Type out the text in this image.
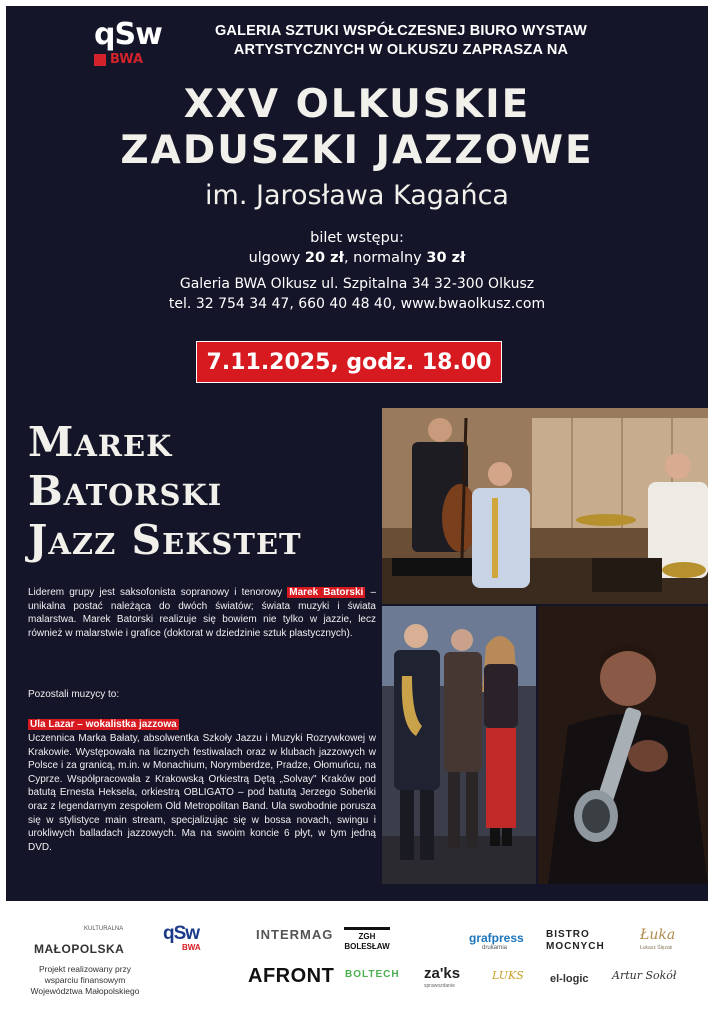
qSw
BWA
GALERIA SZTUKI WSPÓŁCZESNEJ BIURO WYSTAW
ARTYSTYCZNYCH W OLKUSZU ZAPRASZA NA
XXV OLKUSKIE
ZADUSZKI JAZZOWE
im. Jarosława Kagańca
bilet wstępu:
ulgowy 20 zł, normalny 30 zł
Galeria BWA Olkusz ul. Szpitalna 34 32-300 Olkusz
tel. 32 754 34 47, 660 40 48 40, www.bwaolkusz.com
7.11.2025, godz. 18.00
Marek
Batorski
Jazz Sekstet
Liderem grupy jest saksofonista sopranowy i tenorowy Marek Batorski – unikalna postać należąca do dwóch światów; świata muzyki i świata malarstwa. Marek Batorski realizuje się bowiem nie tylko w jazzie, lecz również w malarstwie i grafice (doktorat w dziedzinie sztuk plastycznych).
Pozostali muzycy to:
Ula Lazar – wokalistka jazzowa
Uczennica Marka Bałaty, absolwentka Szkoły Jazzu i Muzyki Rozrywkowej w Krakowie. Występowała na licznych festiwalach oraz w klubach jazzowych w Polsce i za granicą, m.in. w Monachium, Norymberdze, Pradze, Ołomuńcu, na Cyprze. Współpracowała z Krakowską Orkiestrą Dętą „Solvay" Kraków pod batutą Ernesta Heksela, orkiestrą OBLIGATO – pod batutą Jerzego Sobeńki oraz z legendarnym zespołem Old Metropolitan Band. Ula swobodnie porusza się w stylistyce main stream, specjalizując się w bossa novach, swingu i urokliwych balladach jazzowych. Ma na swoim koncie 6 płyt, w tym jedną DVD.
KULTURALNA
MAŁOPOLSKA
Projekt realizowany przy wsparciu finansowym Województwa Małopolskiego
qSw
BWA
INTERMAG	ZGH BOLESŁAW	PIAST-BET
grafpress
drukarnia
BISTRO MOCNYCH
Łuka
Łukasz Ślęzak
AFRONT BOLTECH za'ks
sprawozdanie
LUKS el-logic Artur Sokół
